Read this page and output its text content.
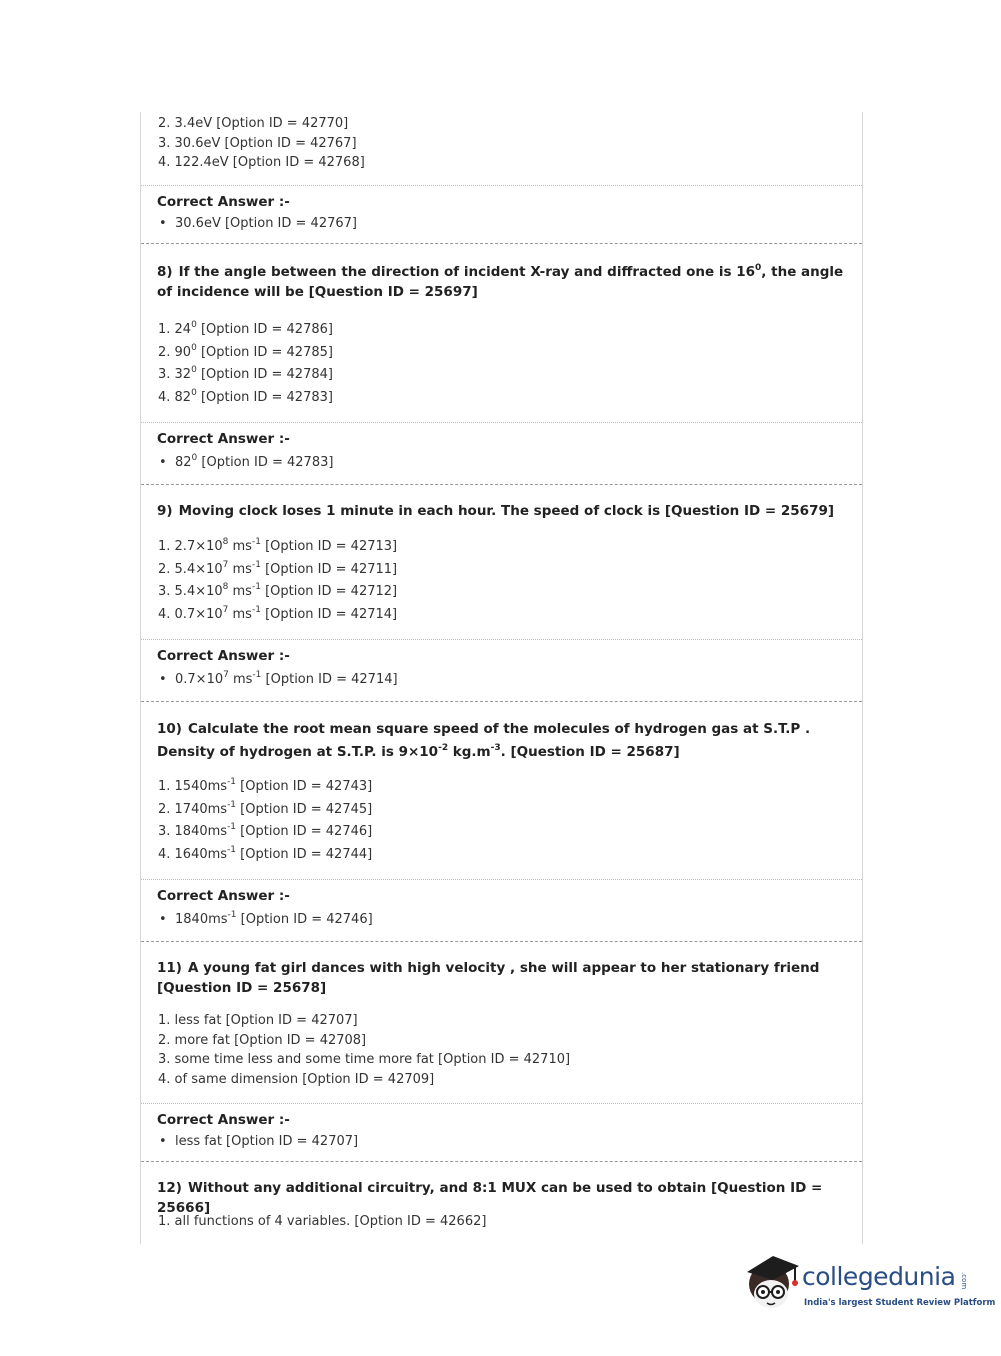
2. 3.4eV [Option ID = 42770]
3. 30.6eV [Option ID = 42767]
4. 122.4eV [Option ID = 42768]
Correct Answer :-
• 30.6eV [Option ID = 42767]
8) If the angle between the direction of incident X-ray and diffracted one is $16^0$, the angle of incidence will be [Question ID = 25697]
1. $24^0$ [Option ID = 42786]
2. $90^0$ [Option ID = 42785]
3. $32^0$ [Option ID = 42784]
4. $82^0$ [Option ID = 42783]
Correct Answer :-
• $82^0$ [Option ID = 42783]
9) Moving clock loses 1 minute in each hour. The speed of clock is [Question ID = 25679]
1. $2.7\times 10^8$ $ms^{-1}$ [Option ID = 42713]
2. $5.4\times 10^7$ $ms^{-1}$ [Option ID = 42711]
3. $5.4\times 10^8$ $ms^{-1}$ [Option ID = 42712]
4. $0.7\times 10^7$ $ms^{-1}$ [Option ID = 42714]
Correct Answer :-
• $0.7\times 10^7$ $ms^{-1}$ [Option ID = 42714]
10) Calculate the root mean square speed of the molecules of hydrogen gas at S.T.P . Density of hydrogen at S.T.P. is $9\times 10^{-2}$ $kg.m^{-3}$. [Question ID = 25687]
1. $1540ms^{-1}$ [Option ID = 42743]
2. $1740ms^{-1}$ [Option ID = 42745]
3. $1840ms^{-1}$ [Option ID = 42746]
4. $1640ms^{-1}$ [Option ID = 42744]
Correct Answer :-
• $1840ms^{-1}$ [Option ID = 42746]
11) A young fat girl dances with high velocity , she will appear to her stationary friend [Question ID = 25678]
1. less fat [Option ID = 42707]
2. more fat [Option ID = 42708]
3. some time less and some time more fat [Option ID = 42710]
4. of same dimension [Option ID = 42709]
Correct Answer :-
• less fat [Option ID = 42707]
12) Without any additional circuitry, and 8:1 MUX can be used to obtain [Question ID = 25666]
1. all functions of 4 variables. [Option ID = 42662]
collegedunia .com
India's largest Student Review Platform
